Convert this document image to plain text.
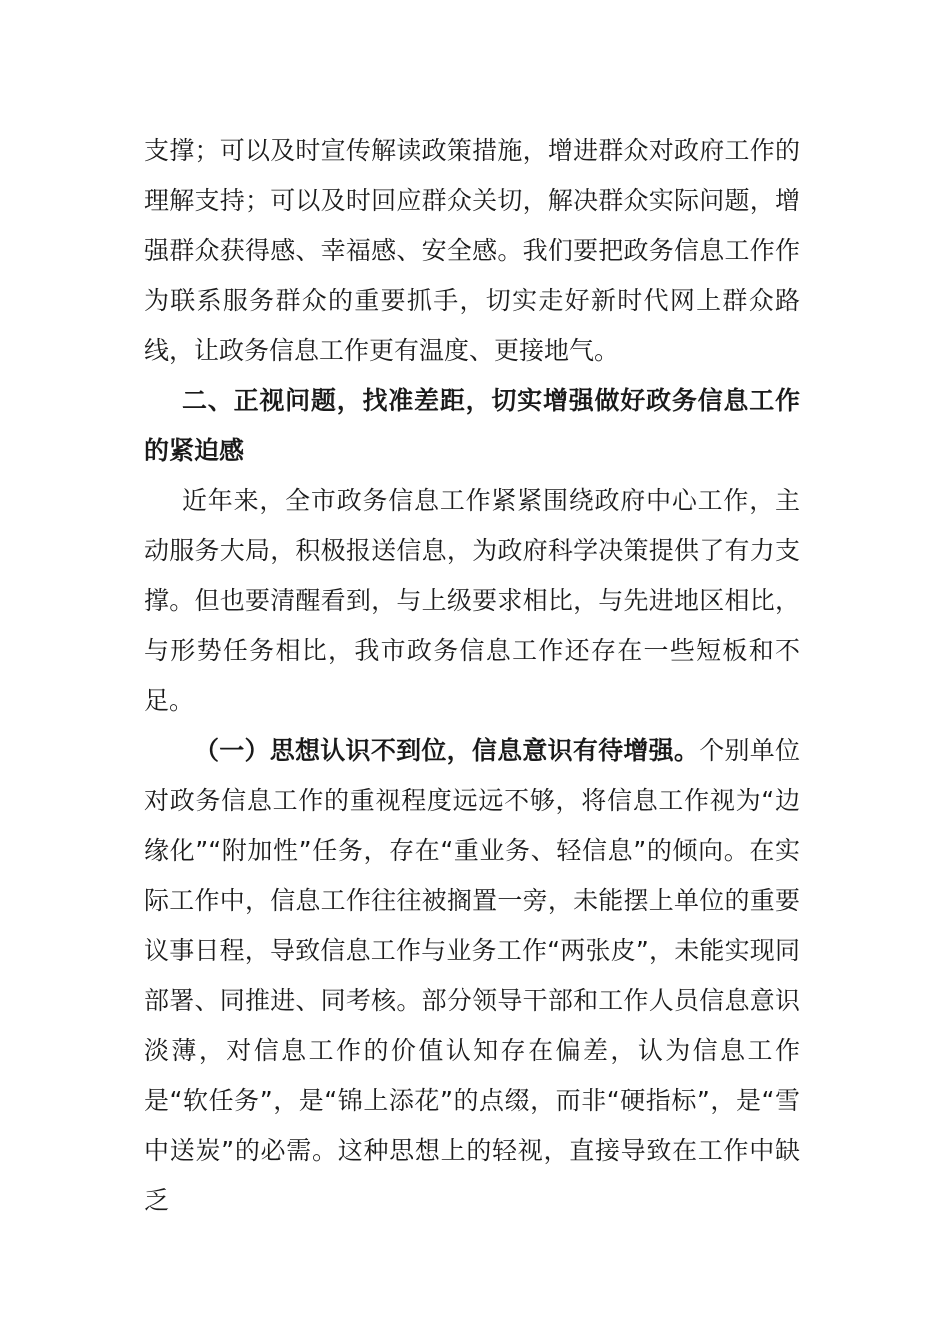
支撑；可以及时宣传解读政策措施，增进群众对政府工作的理解支持；可以及时回应群众关切，解决群众实际问题，增强群众获得感、幸福感、安全感。我们要把政务信息工作作为联系服务群众的重要抓手，切实走好新时代网上群众路线，让政务信息工作更有温度、更接地气。

二、正视问题，找准差距，切实增强做好政务信息工作的紧迫感

近年来，全市政务信息工作紧紧围绕政府中心工作，主动服务大局，积极报送信息，为政府科学决策提供了有力支撑。但也要清醒看到，与上级要求相比，与先进地区相比，与形势任务相比，我市政务信息工作还存在一些短板和不足。

（一）思想认识不到位，信息意识有待增强。个别单位对政务信息工作的重视程度远远不够，将信息工作视为“边缘化”“附加性”任务，存在“重业务、轻信息”的倾向。在实际工作中，信息工作往往被搁置一旁，未能摆上单位的重要议事日程，导致信息工作与业务工作“两张皮”，未能实现同部署、同推进、同考核。部分领导干部和工作人员信息意识淡薄，对信息工作的价值认知存在偏差，认为信息工作是“软任务”，是“锦上添花”的点缀，而非“硬指标”，是“雪中送炭”的必需。这种思想上的轻视，直接导致在工作中缺乏
